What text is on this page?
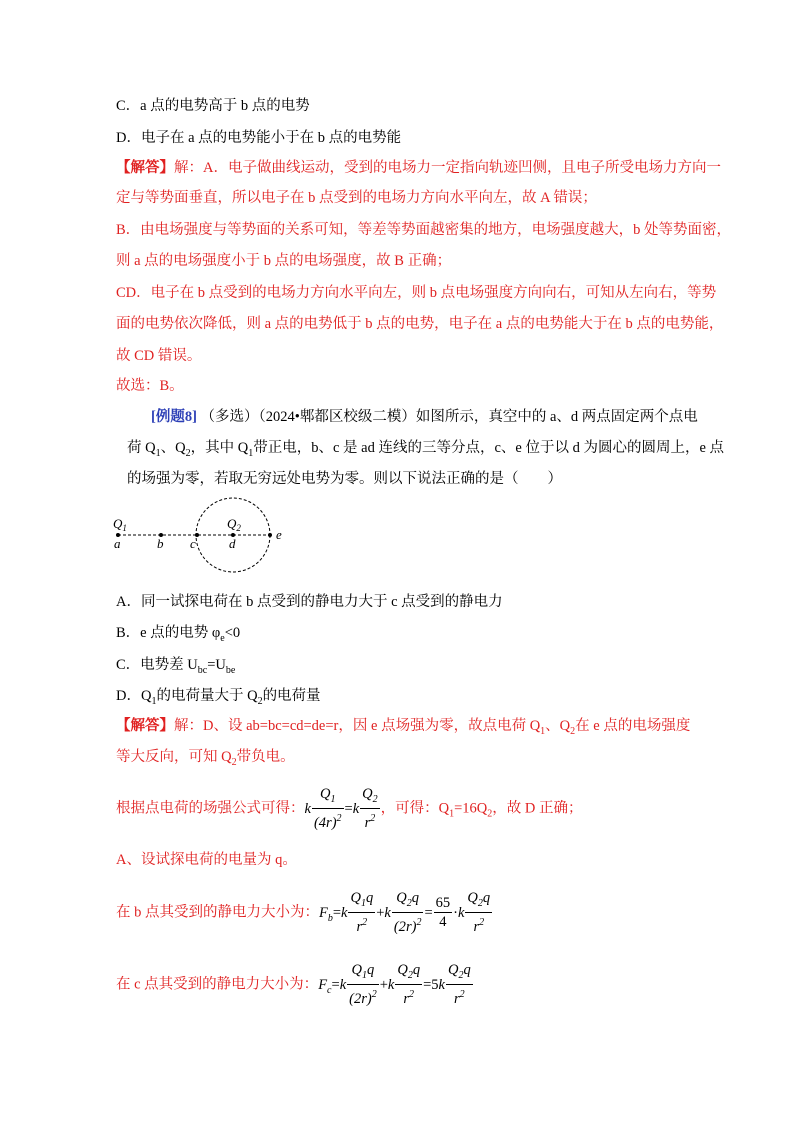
C．a 点的电势高于 b 点的电势
D．电子在 a 点的电势能小于在 b 点的电势能
【解答】解：A．电子做曲线运动，受到的电场力一定指向轨迹凹侧，且电子所受电场力方向一
定与等势面垂直，所以电子在 b 点受到的电场力方向水平向左，故 A 错误；
B．由电场强度与等势面的关系可知，等差等势面越密集的地方，电场强度越大，b 处等势面密，
则 a 点的电场强度小于 b 点的电场强度，故 B 正确；
CD．电子在 b 点受到的电场力方向水平向左，则 b 点电场强度方向向右，可知从左向右，等势
面的电势依次降低，则 a 点的电势低于 b 点的电势，电子在 a 点的电势能大于在 b 点的电势能，
故 CD 错误。
故选：B。
[例题8] （多选）（2024•郫都区校级二模）如图所示，真空中的 a、d 两点固定两个点电
荷 $Q_1$、$Q_2$，其中 $Q_1$带正电，b、c 是 ad 连线的三等分点，c、e 位于以 d 为圆心的圆周上，e 点
的场强为零，若取无穷远处电势为零。则以下说法正确的是（　　）
$Q_1$	$Q_2$
a	b c	d
e
A．同一试探电荷在 b 点受到的静电力大于 c 点受到的静电力
B．e 点的电势 $\varphi_e<0$
C．电势差 $U_{bc}=U_{be}$
D．$Q_1$的电荷量大于 $Q_2$的电荷量
【解答】解：D、设 ab=bc=cd=de=r，因 e 点场强为零，故点电荷 $Q_1$、$Q_2$在 e 点的电场强度
等大反向，可知 $Q_2$带负电。
根据点电荷的场强公式可得：k $\frac{Q_1}{(4r)^2} =k \frac{Q_2}{r^2}$ ，可得：$Q_1=16Q_2$，故 D 正确；
A、设试探电荷的电量为 q。
在 b 点其受到的静电力大小为：$F_b=k \frac{Q_1q}{r^2} +k \frac{Q_2q}{(2r)^2} = \frac{65}{4} \cdot k \frac{Q_2q}{r^2}$
在 c 点其受到的静电力大小为：$F_c=k \frac{Q_1q}{(2r)^2} +k \frac{Q_2q}{r^2} =5k \frac{Q_2q}{r^2}$
